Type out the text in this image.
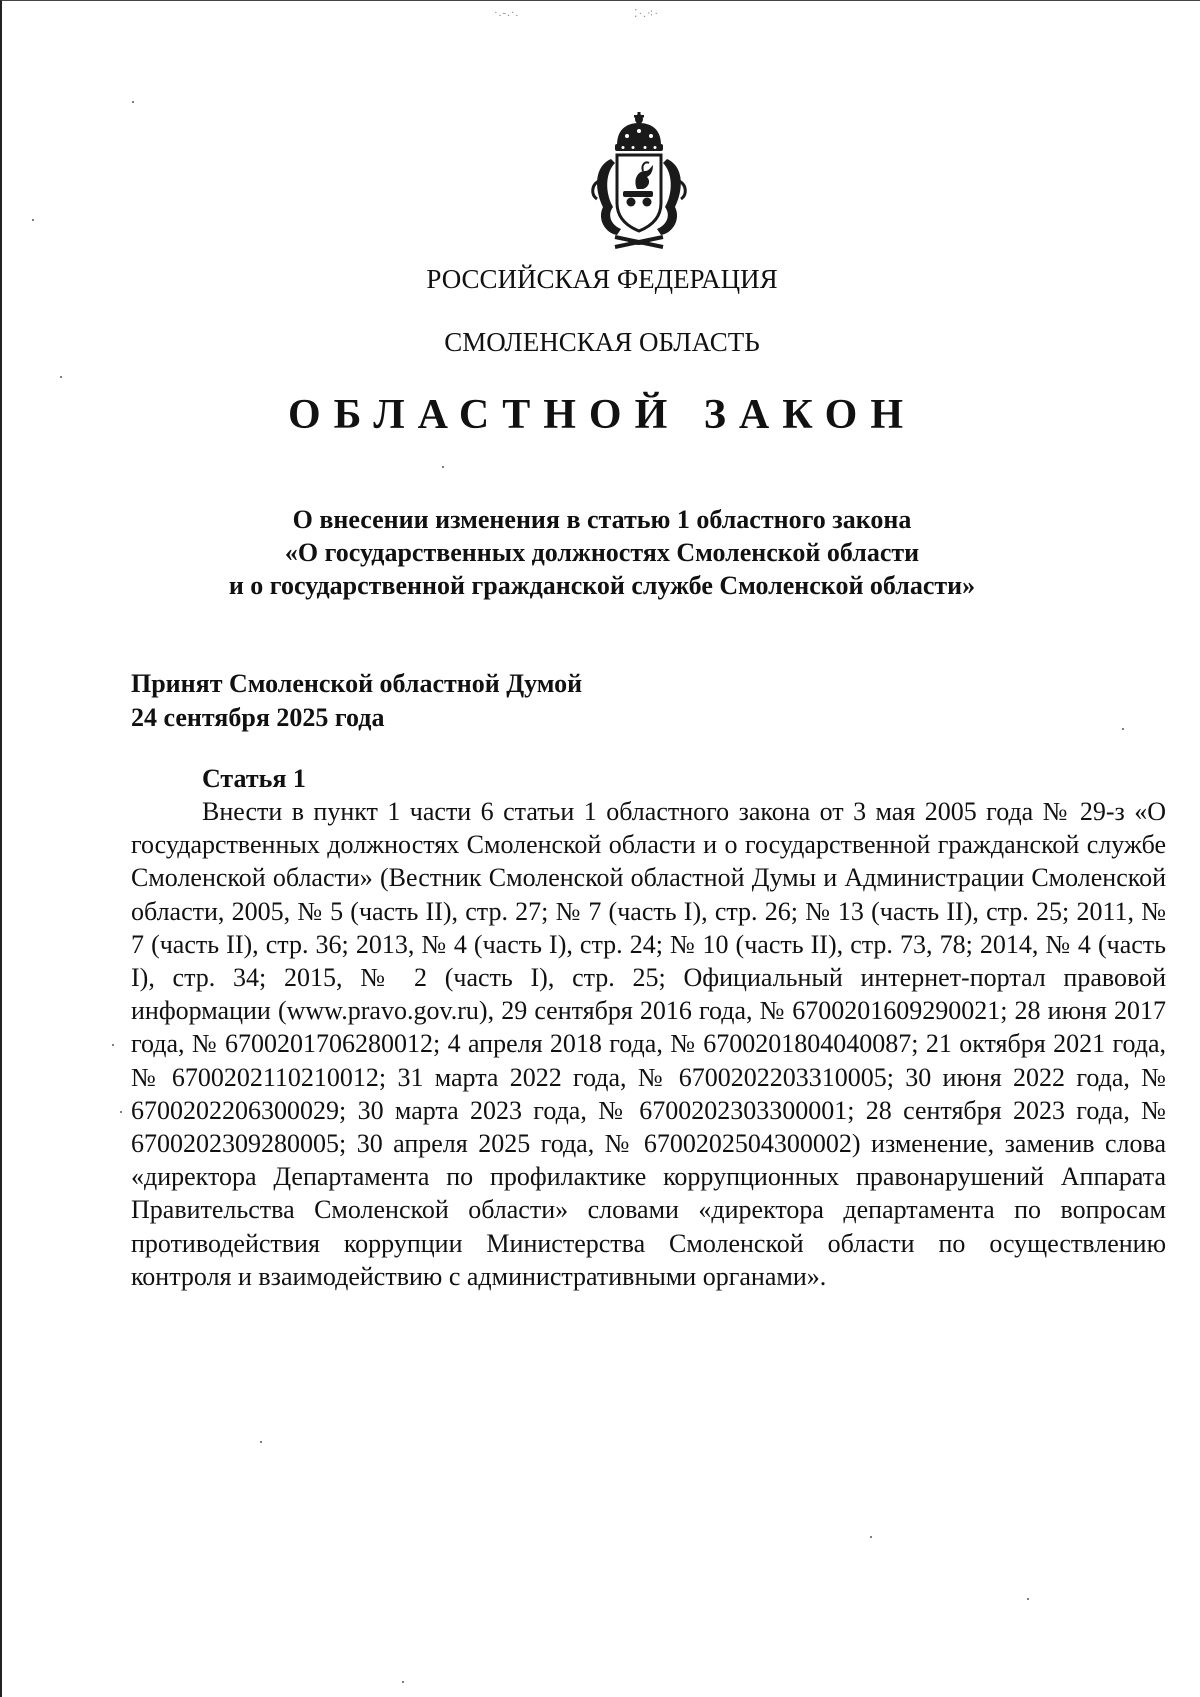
·.-.·.	⁚·.⁖·
РОССИЙСКАЯ ФЕДЕРАЦИЯ
СМОЛЕНСКАЯ ОБЛАСТЬ
ОБЛАСТНОЙ ЗАКОН
О внесении изменения в статью 1 областного закона
«О государственных должностях Смоленской области
и о государственной гражданской службе Смоленской области»
Принят Смоленской областной Думой
24 сентября 2025 года
Статья 1
Внести в пункт 1 части 6 статьи 1 областного закона от 3 мая 2005 года № 29-з «О государственных должностях Смоленской области и о государственной гражданской службе Смоленской области» (Вестник Смоленской областной Думы и Администрации Смоленской области, 2005, № 5 (часть II), стр. 27; № 7 (часть I), стр. 26; № 13 (часть II), стр. 25; 2011, № 7 (часть II), стр. 36; 2013, № 4 (часть I), стр. 24; № 10 (часть II), стр. 73, 78; 2014, № 4 (часть I), стр. 34; 2015, № 2 (часть I), стр. 25; Официальный интернет-портал правовой информации (www.pravo.gov.ru), 29 сентября 2016 года, № 6700201609290021; 28 июня 2017 года, № 6700201706280012; 4 апреля 2018 года, № 6700201804040087; 21 октября 2021 года, № 6700202110210012; 31 марта 2022 года, № 6700202203310005; 30 июня 2022 года, № 6700202206300029; 30 марта 2023 года, № 6700202303300001; 28 сентября 2023 года, № 6700202309280005; 30 апреля 2025 года, № 6700202504300002) изменение, заменив слова «директора Департамента по профилактике коррупционных правонарушений Аппарата Правительства Смоленской области» словами «директора департамента по вопросам противодействия коррупции Министерства Смоленской области по осуществлению контроля и взаимодействию с административными органами».
